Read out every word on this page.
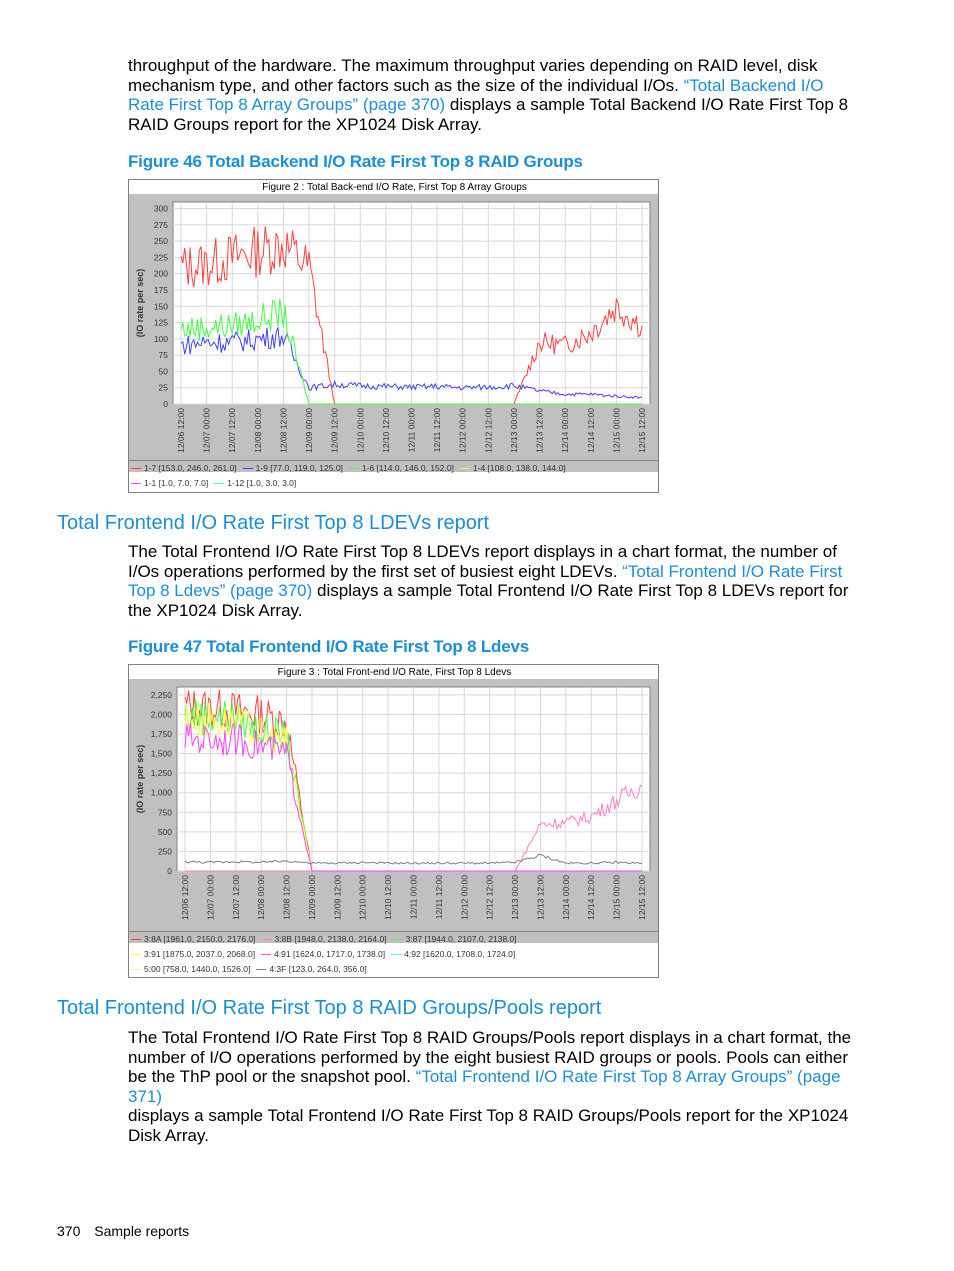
throughput of the hardware. The maximum throughput varies depending on RAID level, disk
mechanism type, and other factors such as the size of the individual I/Os. “Total Backend I/O
Rate First Top 8 Array Groups” (page 370) displays a sample Total Backend I/O Rate First Top 8
RAID Groups report for the XP1024 Disk Array.
Figure 46 Total Backend I/O Rate First Top 8 RAID Groups
Figure 2 : Total Back-end I/O Rate, First Top 8 Array Groups
300
275
250
225
200
175
150
125
100
75
50
25
0
12/06 12:00 12/07 00:00 12/07 12:00 12/08 00:00 12/08 12:00 12/09 00:00 12/09 12:00 12/10 00:00 12/10 12:00 12/11 00:00 12/11 12:00 12/12 00:00 12/12 12:00 12/13 00:00 12/13 12:00 12/14 00:00 12/14 12:00 12/15 00:00 12/15 12:00
(IO rate per sec)
1-7 [153.0, 246.0, 261.0] 1-9 [77.0, 119.0, 125.0] 1-6 [114.0, 146.0, 152.0] 1-4 [108.0, 138.0, 144.0]
1-1 [1.0, 7.0, 7.0] 1-12 [1.0, 3.0, 3.0]
Total Frontend I/O Rate First Top 8 LDEVs report
The Total Frontend I/O Rate First Top 8 LDEVs report displays in a chart format, the number of
I/Os operations performed by the first set of busiest eight LDEVs. “Total Frontend I/O Rate First
Top 8 Ldevs” (page 370) displays a sample Total Frontend I/O Rate First Top 8 LDEVs report for
the XP1024 Disk Array.
Figure 47 Total Frontend I/O Rate First Top 8 Ldevs
Figure 3 : Total Front-end I/O Rate, First Top 8 Ldevs
2,250
2,000
1,750
1,500
1,250
1,000
750
500
250
0
12/06 12:00 12/07 00:00 12/07 12:00 12/08 00:00 12/08 12:00 12/09 00:00 12/09 12:00 12/10 00:00 12/10 12:00 12/11 00:00 12/11 12:00 12/12 00:00 12/12 12:00 12/13 00:00 12/13 12:00 12/14 00:00 12/14 12:00 12/15 00:00 12/15 12:00
(IO rate per sec)
3:8A [1961.0, 2150.0, 2176.0] 3:8B [1948.0, 2138.0, 2164.0] 3:87 [1944.0, 2107.0, 2138.0]
3:91 [1875.0, 2037.0, 2068.0] 4:91 [1624.0, 1717.0, 1738.0] 4:92 [1620.0, 1708.0, 1724.0]
5:00 [758.0, 1440.0, 1526.0] 4:3F [123.0, 264.0, 356.0]
Total Frontend I/O Rate First Top 8 RAID Groups/Pools report
The Total Frontend I/O Rate First Top 8 RAID Groups/Pools report displays in a chart format, the
number of I/O operations performed by the eight busiest RAID groups or pools. Pools can either
be the ThP pool or the snapshot pool. “Total Frontend I/O Rate First Top 8 Array Groups” (page 371)
displays a sample Total Frontend I/O Rate First Top 8 RAID Groups/Pools report for the XP1024
Disk Array.
370 Sample reports
